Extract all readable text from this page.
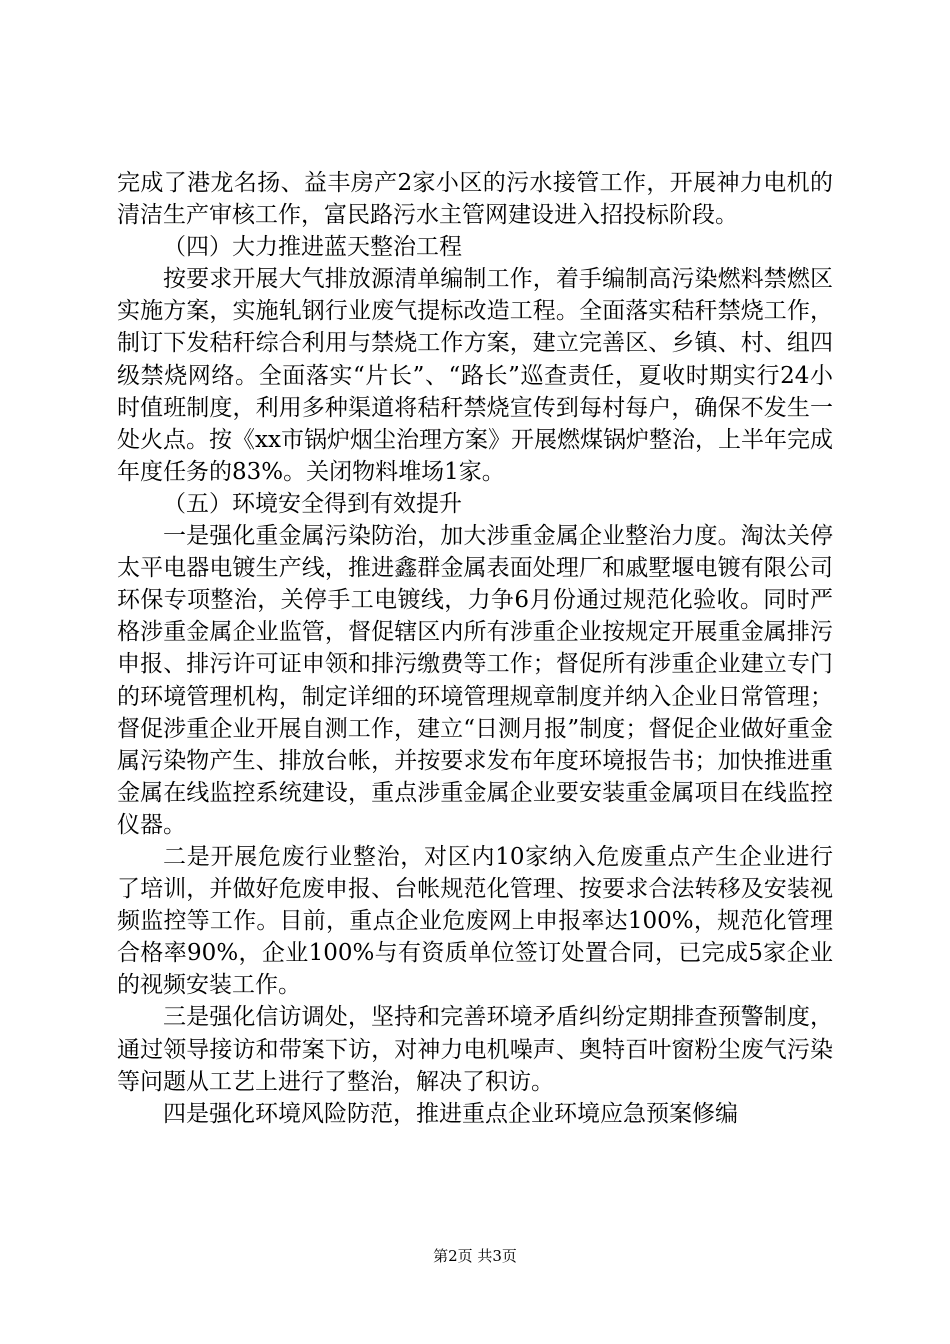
完成了港龙名扬、益丰房产2家小区的污水接管工作，开展神力电机的清洁生产审核工作，富民路污水主管网建设进入招投标阶段。

（四）大力推进蓝天整治工程

按要求开展大气排放源清单编制工作，着手编制高污染燃料禁燃区实施方案，实施轧钢行业废气提标改造工程。全面落实秸秆禁烧工作，制订下发秸秆综合利用与禁烧工作方案，建立完善区、乡镇、村、组四级禁烧网络。全面落实“片长”、“路长”巡查责任，夏收时期实行24小时值班制度，利用多种渠道将秸秆禁烧宣传到每村每户，确保不发生一处火点。按《xx市锅炉烟尘治理方案》开展燃煤锅炉整治，上半年完成年度任务的83%。关闭物料堆场1家。

（五）环境安全得到有效提升

一是强化重金属污染防治，加大涉重金属企业整治力度。淘汰关停太平电器电镀生产线，推进鑫群金属表面处理厂和戚墅堰电镀有限公司环保专项整治，关停手工电镀线，力争6月份通过规范化验收。同时严格涉重金属企业监管，督促辖区内所有涉重企业按规定开展重金属排污申报、排污许可证申领和排污缴费等工作；督促所有涉重企业建立专门的环境管理机构，制定详细的环境管理规章制度并纳入企业日常管理；督促涉重企业开展自测工作，建立“日测月报”制度；督促企业做好重金属污染物产生、排放台帐，并按要求发布年度环境报告书；加快推进重金属在线监控系统建设，重点涉重金属企业要安装重金属项目在线监控仪器。

二是开展危废行业整治，对区内10家纳入危废重点产生企业进行了培训，并做好危废申报、台帐规范化管理、按要求合法转移及安装视频监控等工作。目前，重点企业危废网上申报率达100%，规范化管理合格率90%，企业100%与有资质单位签订处置合同，已完成5家企业的视频安装工作。

三是强化信访调处，坚持和完善环境矛盾纠纷定期排查预警制度，通过领导接访和带案下访，对神力电机噪声、奥特百叶窗粉尘废气污染等问题从工艺上进行了整治，解决了积访。

四是强化环境风险防范，推进重点企业环境应急预案修编

第2页 共3页
